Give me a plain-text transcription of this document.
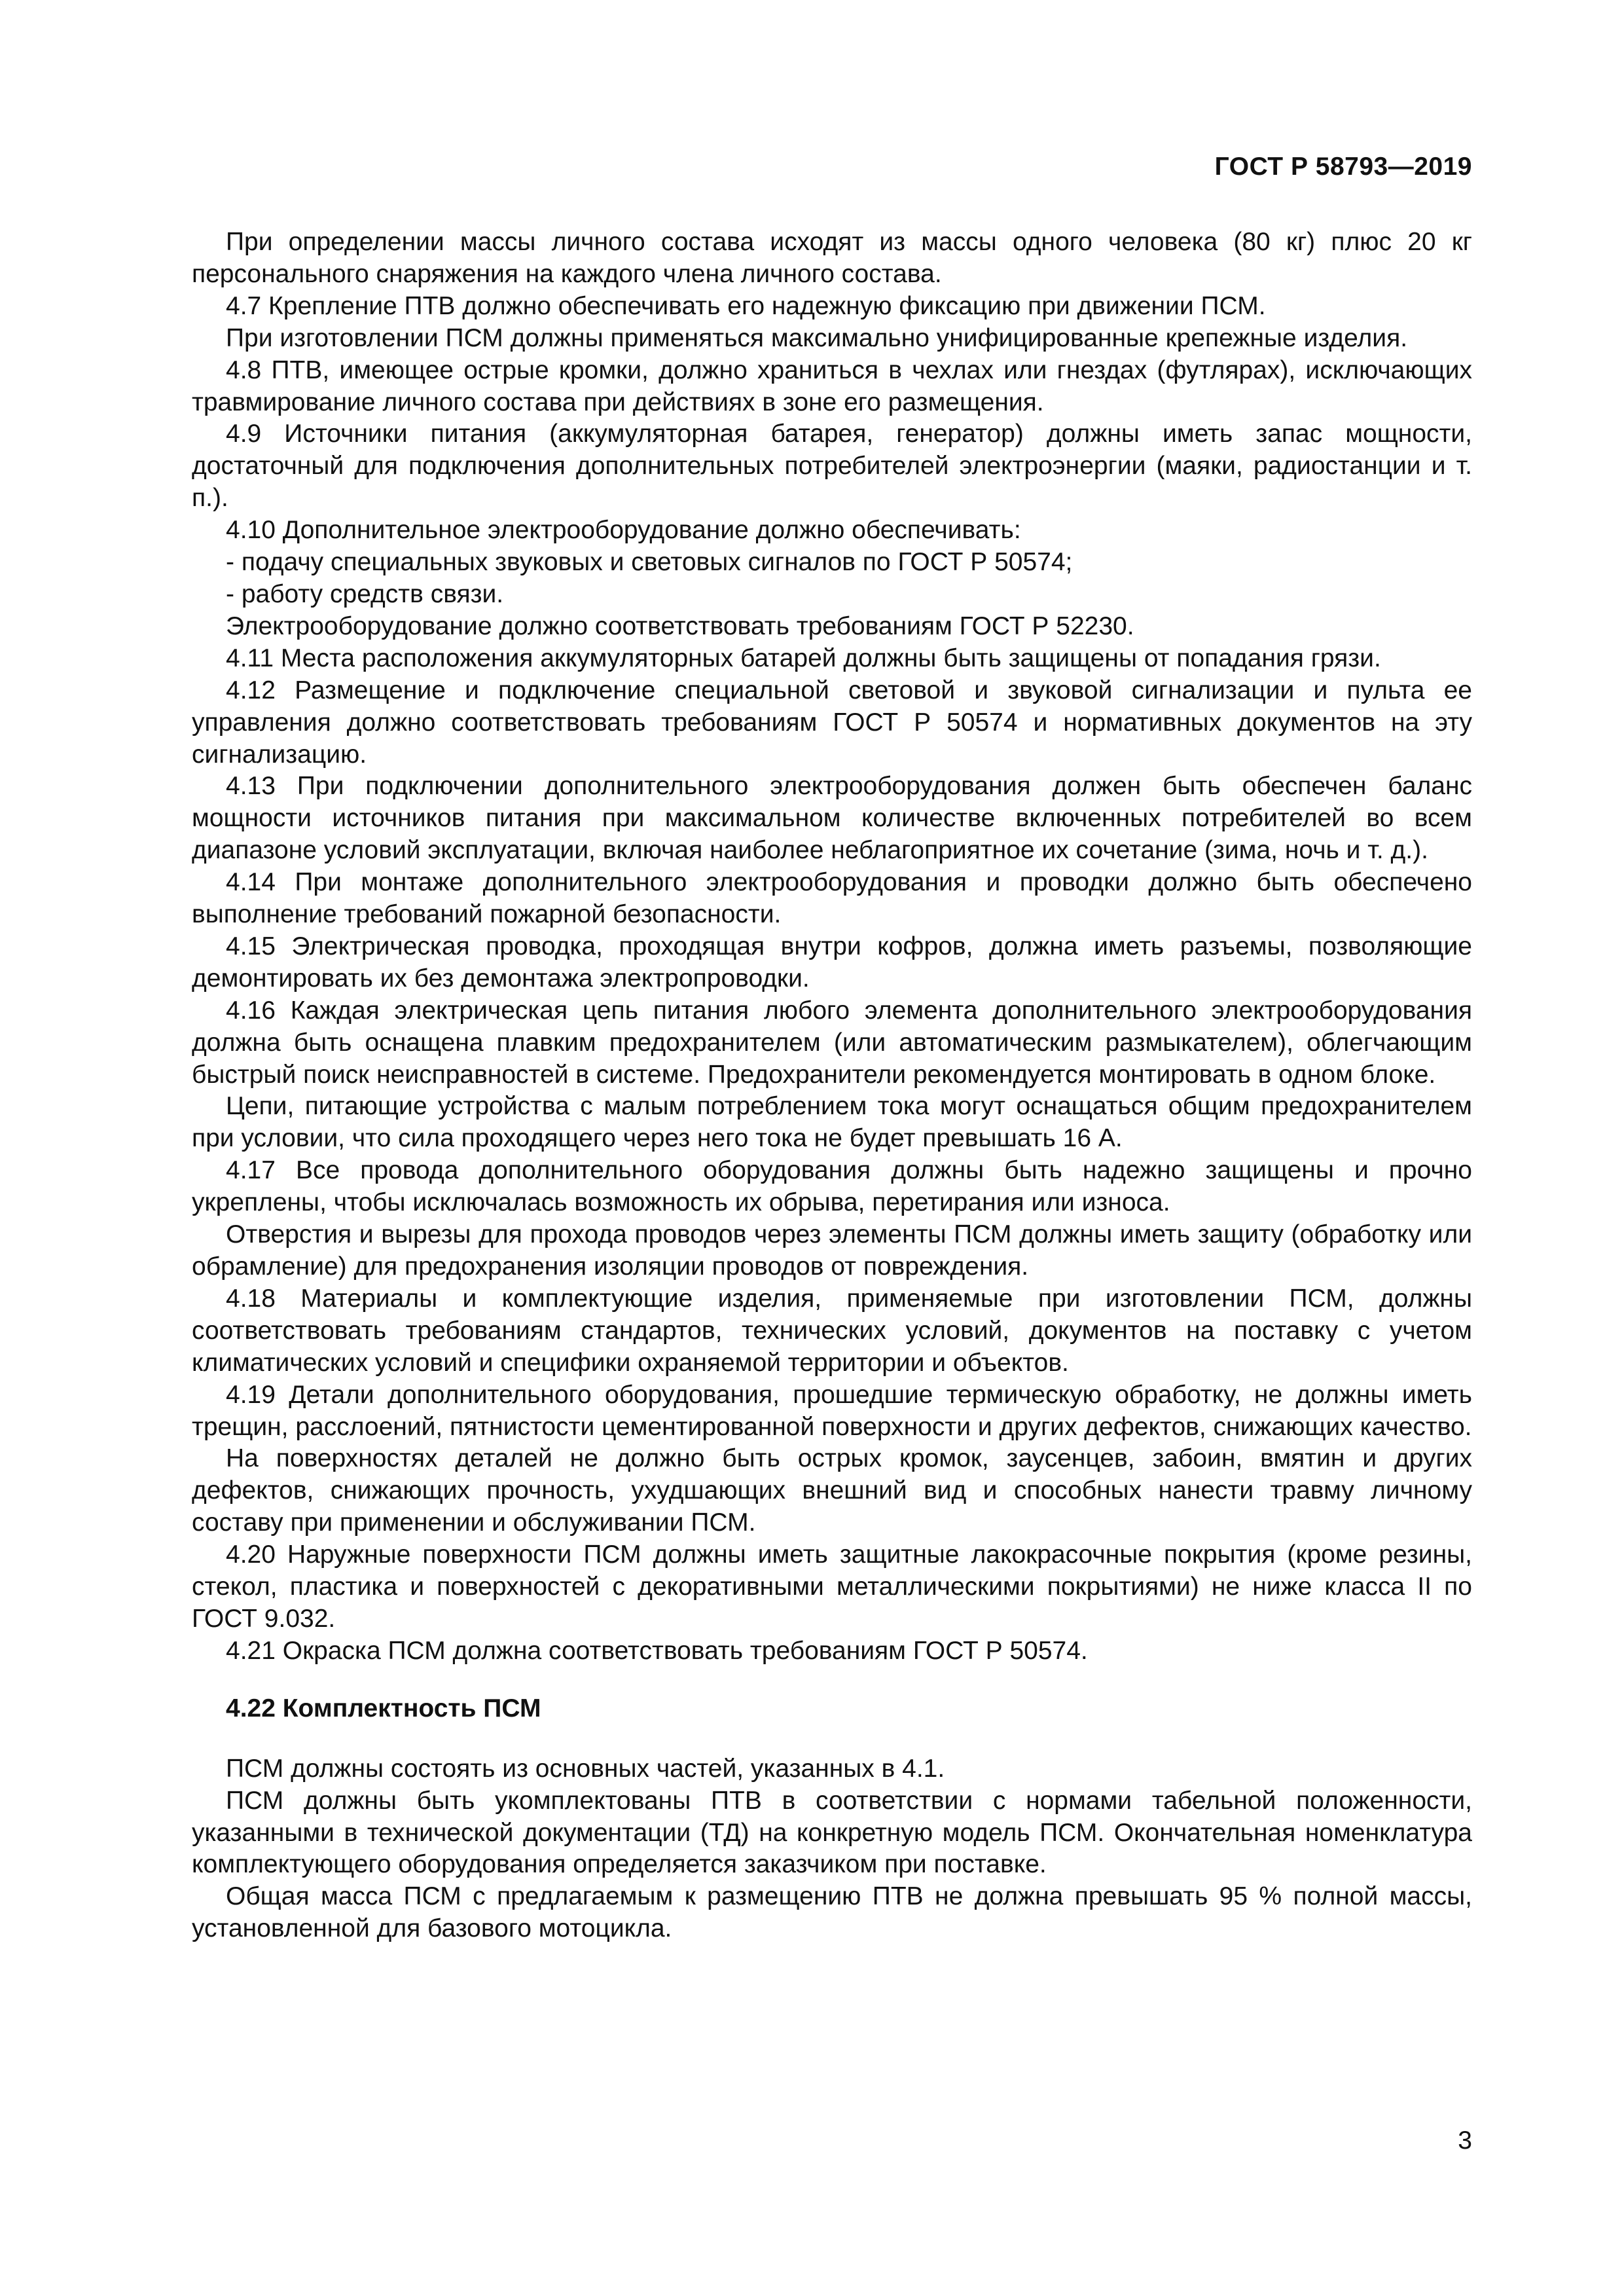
ГОСТ Р 58793—2019

При определении массы личного состава исходят из массы одного человека (80 кг) плюс 20 кг персонального снаряжения на каждого члена личного состава.

4.7 Крепление ПТВ должно обеспечивать его надежную фиксацию при движении ПСМ.

При изготовлении ПСМ должны применяться максимально унифицированные крепежные изделия.

4.8 ПТВ, имеющее острые кромки, должно храниться в чехлах или гнездах (футлярах), исключающих травмирование личного состава при действиях в зоне его размещения.

4.9 Источники питания (аккумуляторная батарея, генератор) должны иметь запас мощности, достаточный для подключения дополнительных потребителей электроэнергии (маяки, радиостанции и т. п.).

4.10 Дополнительное электрооборудование должно обеспечивать:

- подачу специальных звуковых и световых сигналов по ГОСТ Р 50574;

- работу средств связи.

Электрооборудование должно соответствовать требованиям ГОСТ Р 52230.

4.11 Места расположения аккумуляторных батарей должны быть защищены от попадания грязи.

4.12 Размещение и подключение специальной световой и звуковой сигнализации и пульта ее управления должно соответствовать требованиям ГОСТ Р 50574 и нормативных документов на эту сигнализацию.

4.13 При подключении дополнительного электрооборудования должен быть обеспечен баланс мощности источников питания при максимальном количестве включенных потребителей во всем диапазоне условий эксплуатации, включая наиболее неблагоприятное их сочетание (зима, ночь и т. д.).

4.14 При монтаже дополнительного электрооборудования и проводки должно быть обеспечено выполнение требований пожарной безопасности.

4.15 Электрическая проводка, проходящая внутри кофров, должна иметь разъемы, позволяющие демонтировать их без демонтажа электропроводки.

4.16 Каждая электрическая цепь питания любого элемента дополнительного электрооборудования должна быть оснащена плавким предохранителем (или автоматическим размыкателем), облегчающим быстрый поиск неисправностей в системе. Предохранители рекомендуется монтировать в одном блоке.

Цепи, питающие устройства с малым потреблением тока могут оснащаться общим предохранителем при условии, что сила проходящего через него тока не будет превышать 16 А.

4.17 Все провода дополнительного оборудования должны быть надежно защищены и прочно укреплены, чтобы исключалась возможность их обрыва, перетирания или износа.

Отверстия и вырезы для прохода проводов через элементы ПСМ должны иметь защиту (обработку или обрамление) для предохранения изоляции проводов от повреждения.

4.18 Материалы и комплектующие изделия, применяемые при изготовлении ПСМ, должны соответствовать требованиям стандартов, технических условий, документов на поставку с учетом климатических условий и специфики охраняемой территории и объектов.

4.19 Детали дополнительного оборудования, прошедшие термическую обработку, не должны иметь трещин, расслоений, пятнистости цементированной поверхности и других дефектов, снижающих качество.

На поверхностях деталей не должно быть острых кромок, заусенцев, забоин, вмятин и других дефектов, снижающих прочность, ухудшающих внешний вид и способных нанести травму личному составу при применении и обслуживании ПСМ.

4.20 Наружные поверхности ПСМ должны иметь защитные лакокрасочные покрытия (кроме резины, стекол, пластика и поверхностей с декоративными металлическими покрытиями) не ниже класса II по ГОСТ 9.032.

4.21 Окраска ПСМ должна соответствовать требованиям ГОСТ Р 50574.

4.22 Комплектность ПСМ

ПСМ должны состоять из основных частей, указанных в 4.1.

ПСМ должны быть укомплектованы ПТВ в соответствии с нормами табельной положенности, указанными в технической документации (ТД) на конкретную модель ПСМ. Окончательная номенклатура комплектующего оборудования определяется заказчиком при поставке.

Общая масса ПСМ с предлагаемым к размещению ПТВ не должна превышать 95 % полной массы, установленной для базового мотоцикла.

3
